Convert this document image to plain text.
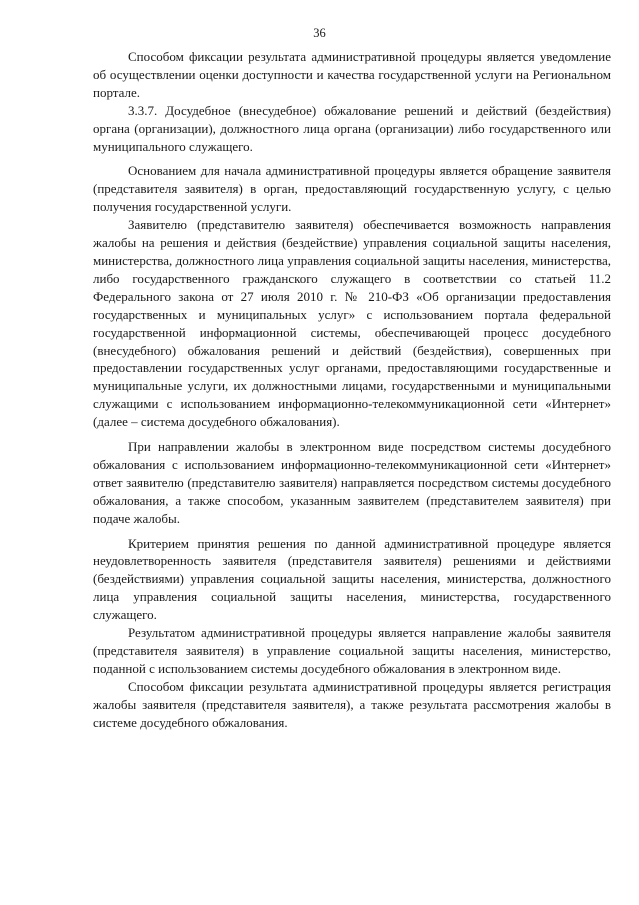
36

Способом фиксации результата административной процедуры является уведомление об осуществлении оценки доступности и качества государственной услуги на Региональном портале.

3.3.7. Досудебное (внесудебное) обжалование решений и действий (бездействия) органа (организации), должностного лица органа (организации) либо государственного или муниципального служащего.

Основанием для начала административной процедуры является обращение заявителя (представителя заявителя) в орган, предоставляющий государственную услугу, с целью получения государственной услуги.

Заявителю (представителю заявителя) обеспечивается возможность направления жалобы на решения и действия (бездействие) управления социальной защиты населения, министерства, должностного лица управления социальной защиты населения, министерства, либо государственного гражданского служащего в соответствии со статьей 11.2 Федерального закона от 27 июля 2010 г. № 210-ФЗ «Об организации предоставления государственных и муниципальных услуг» с использованием портала федеральной государственной информационной системы, обеспечивающей процесс досудебного (внесудебного) обжалования решений и действий (бездействия), совершенных при предоставлении государственных услуг органами, предоставляющими государственные и муниципальные услуги, их должностными лицами, государственными и муниципальными служащими с использованием информационно-телекоммуникационной сети «Интернет» (далее – система досудебного обжалования).

При направлении жалобы в электронном виде посредством системы досудебного обжалования с использованием информационно-телекоммуникационной сети «Интернет» ответ заявителю (представителю заявителя) направляется посредством системы досудебного обжалования, а также способом, указанным заявителем (представителем заявителя) при подаче жалобы.

Критерием принятия решения по данной административной процедуре является неудовлетворенность заявителя (представителя заявителя) решениями и действиями (бездействиями) управления социальной защиты населения, министерства, должностного лица управления социальной защиты населения, министерства, государственного служащего.

Результатом административной процедуры является направление жалобы заявителя (представителя заявителя) в управление социальной защиты населения, министерство, поданной с использованием системы досудебного обжалования в электронном виде.

Способом фиксации результата административной процедуры является регистрация жалобы заявителя (представителя заявителя), а также результата рассмотрения жалобы в системе досудебного обжалования.
